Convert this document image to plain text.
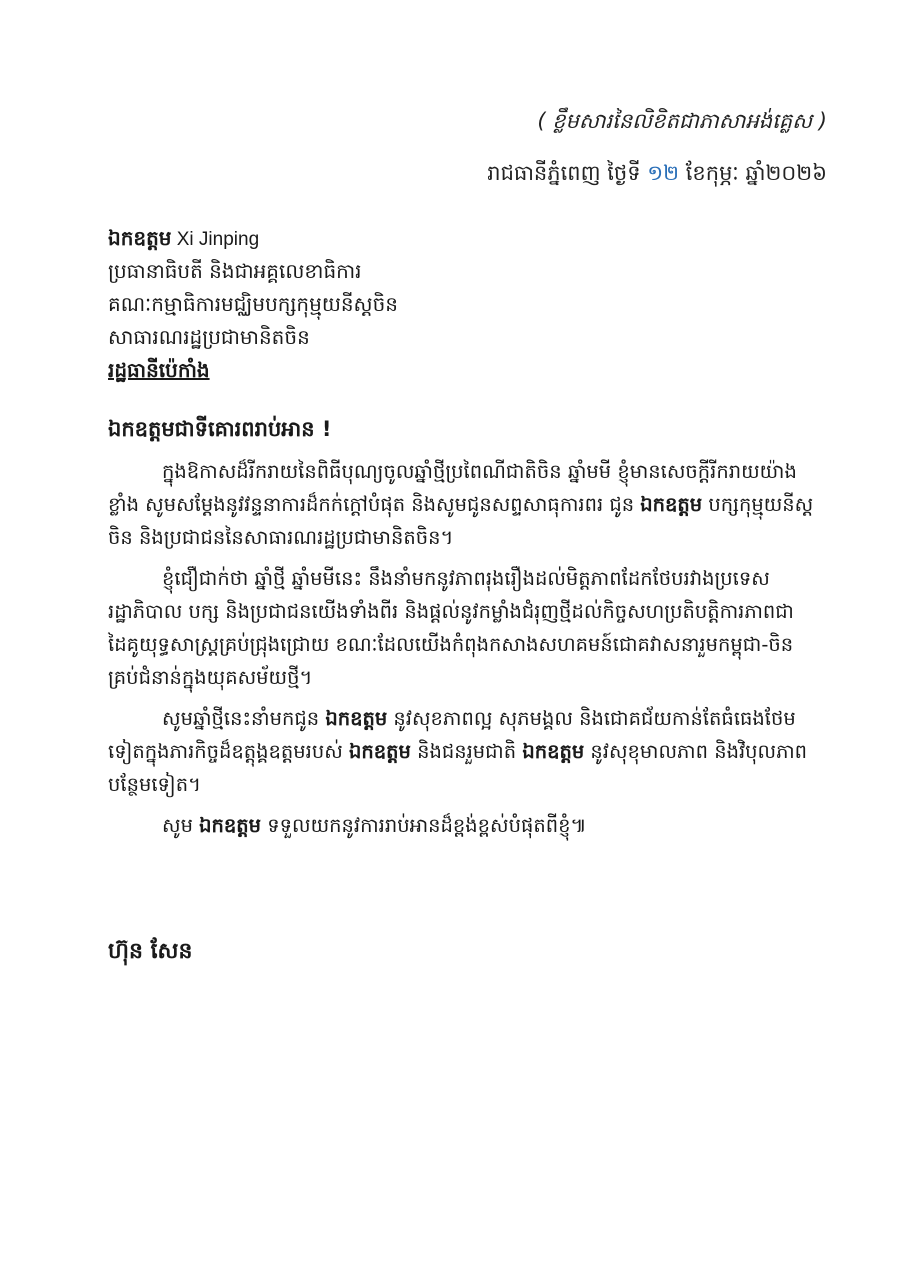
( ខ្លឹមសារនៃលិខិតជាភាសាអង់គ្លេស )
រាជធានីភ្នំពេញ ថ្ងៃទី ១២ ខែកុម្ភៈ ឆ្នាំ២០២៦
ឯកឧត្តម Xi Jinping
ប្រធានាធិបតី និងជាអគ្គលេខាធិការ
គណៈកម្មាធិការមជ្ឈិមបក្សកុម្មុយនីស្តចិន
សាធារណរដ្ឋប្រជាមានិតចិន
រដ្ឋធានីប៉េកាំង
ឯកឧត្តមជាទីគោរពរាប់អាន !
ក្នុងឱកាសដ៏រីករាយនៃពិធីបុណ្យចូលឆ្នាំថ្មីប្រពៃណីជាតិចិន ឆ្នាំមមី ខ្ញុំមានសេចក្តីរីករាយយ៉ាង
ខ្លាំង សូមសម្តែងនូវវន្ទនាការដ៏កក់ក្តៅបំផុត និងសូមជូនសព្ទសាធុការពរ ជូន ឯកឧត្តម បក្សកុម្មុយនីស្ត
ចិន និងប្រជាជននៃសាធារណរដ្ឋប្រជាមានិតចិន។
ខ្ញុំជឿជាក់ថា ឆ្នាំថ្មី ឆ្នាំមមីនេះ នឹងនាំមកនូវភាពរុងរឿងដល់មិត្តភាពដែកថែបរវាងប្រទេស
រដ្ឋាភិបាល បក្ស និងប្រជាជនយើងទាំងពីរ និងផ្តល់នូវកម្លាំងជំរុញថ្មីដល់កិច្ចសហប្រតិបត្តិការភាពជា
ដៃគូយុទ្ធសាស្ត្រគ្រប់ជ្រុងជ្រោយ ខណៈដែលយើងកំពុងកសាងសហគមន៍ជោគវាសនារួមកម្ពុជា-ចិន
គ្រប់ជំនាន់ក្នុងយុគសម័យថ្មី។
សូមឆ្នាំថ្មីនេះនាំមកជូន ឯកឧត្តម នូវសុខភាពល្អ សុភមង្គល និងជោគជ័យកាន់តែធំធេងថែម
ទៀតក្នុងភារកិច្ចដ៏ឧត្តុង្គឧត្តមរបស់ ឯកឧត្តម និងជនរួមជាតិ ឯកឧត្តម នូវសុខុមាលភាព និងវិបុលភាព
បន្ថែមទៀត។
សូម ឯកឧត្តម ទទួលយកនូវការរាប់អានដ៏ខ្ពង់ខ្ពស់បំផុតពីខ្ញុំ៕
ហ៊ុន សែន
